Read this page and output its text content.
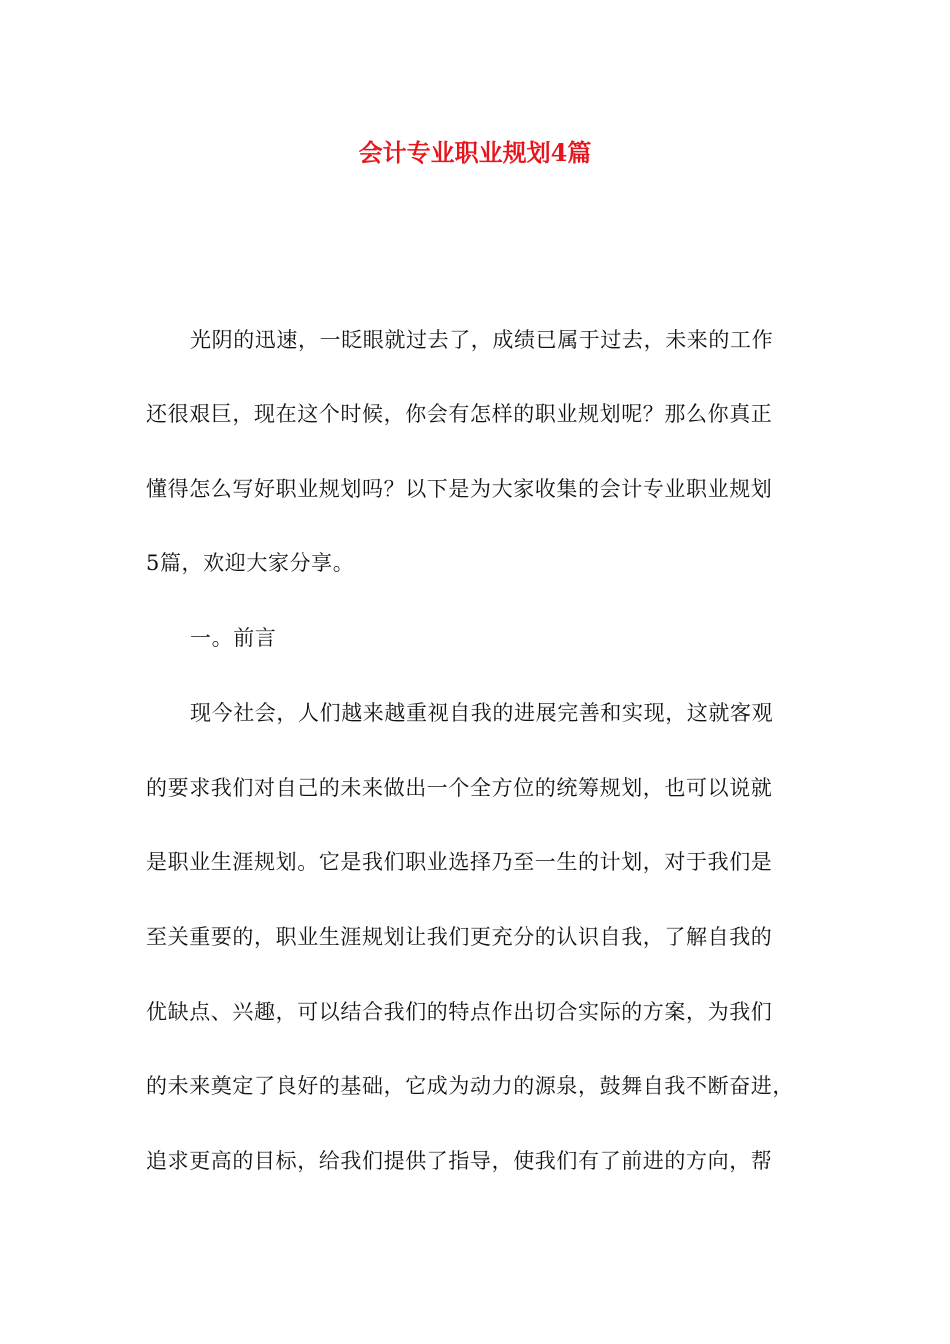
会计专业职业规划4篇
光阴的迅速，一眨眼就过去了，成绩已属于过去，未来的工作
还很艰巨，现在这个时候，你会有怎样的职业规划呢？那么你真正
懂得怎么写好职业规划吗？以下是为大家收集的会计专业职业规划
5篇，欢迎大家分享。
一。前言
现今社会，人们越来越重视自我的进展完善和实现，这就客观
的要求我们对自己的未来做出一个全方位的统筹规划，也可以说就
是职业生涯规划。它是我们职业选择乃至一生的计划，对于我们是
至关重要的，职业生涯规划让我们更充分的认识自我，了解自我的
优缺点、兴趣，可以结合我们的特点作出切合实际的方案，为我们
的未来奠定了良好的基础，它成为动力的源泉，鼓舞自我不断奋进，
追求更高的目标，给我们提供了指导，使我们有了前进的方向，帮
